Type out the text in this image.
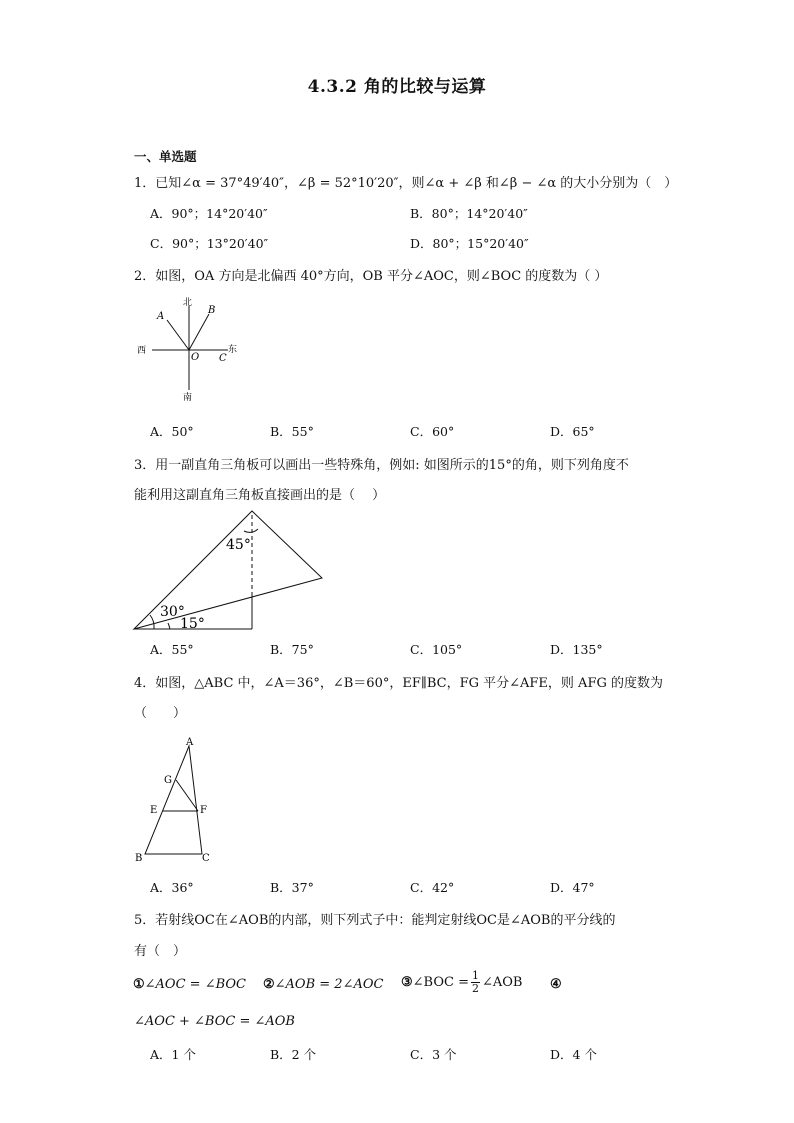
4.3.2 角的比较与运算
一、单选题
1．已知∠α = 37°49′40″，∠β = 52°10′20″，则∠α + ∠β 和∠β − ∠α 的大小分别为（　）
A．90°；14°20′40″	B．80°；14°20′40″
C．90°；13°20′40″	D．80°；15°20′40″
2．如图，OA 方向是北偏西 40°方向，OB 平分∠AOC，则∠BOC 的度数为（ ）
北
南
西	东
A
B
O C
A．50°	B．55°	C．60°	D．65°
3．用一副直角三角板可以画出一些特殊角，例如: 如图所示的15°的角，则下列角度不
能利用这副直角三角板直接画出的是（　 ）
45°
30°
15°
A．55°	B．75°	C．105°	D．135°
4．如图，△ABC 中，∠A＝36°，∠B＝60°，EF∥BC，FG 平分∠AFE，则 AFG 的度数为
（　　）
A
G
E	F
B	C
A．36°	B．37°	C．42°	D．47°
5．若射线OC在∠AOB的内部，则下列式子中：能判定射线OC是∠AOB的平分线的
有（　）
①∠AOC = ∠BOC ②∠AOB = 2∠AOC ③∠BOC = $\frac{1}{2}$ ∠AOB ④
∠AOC + ∠BOC = ∠AOB
A．1 个	B．2 个	C．3 个	D．4 个
